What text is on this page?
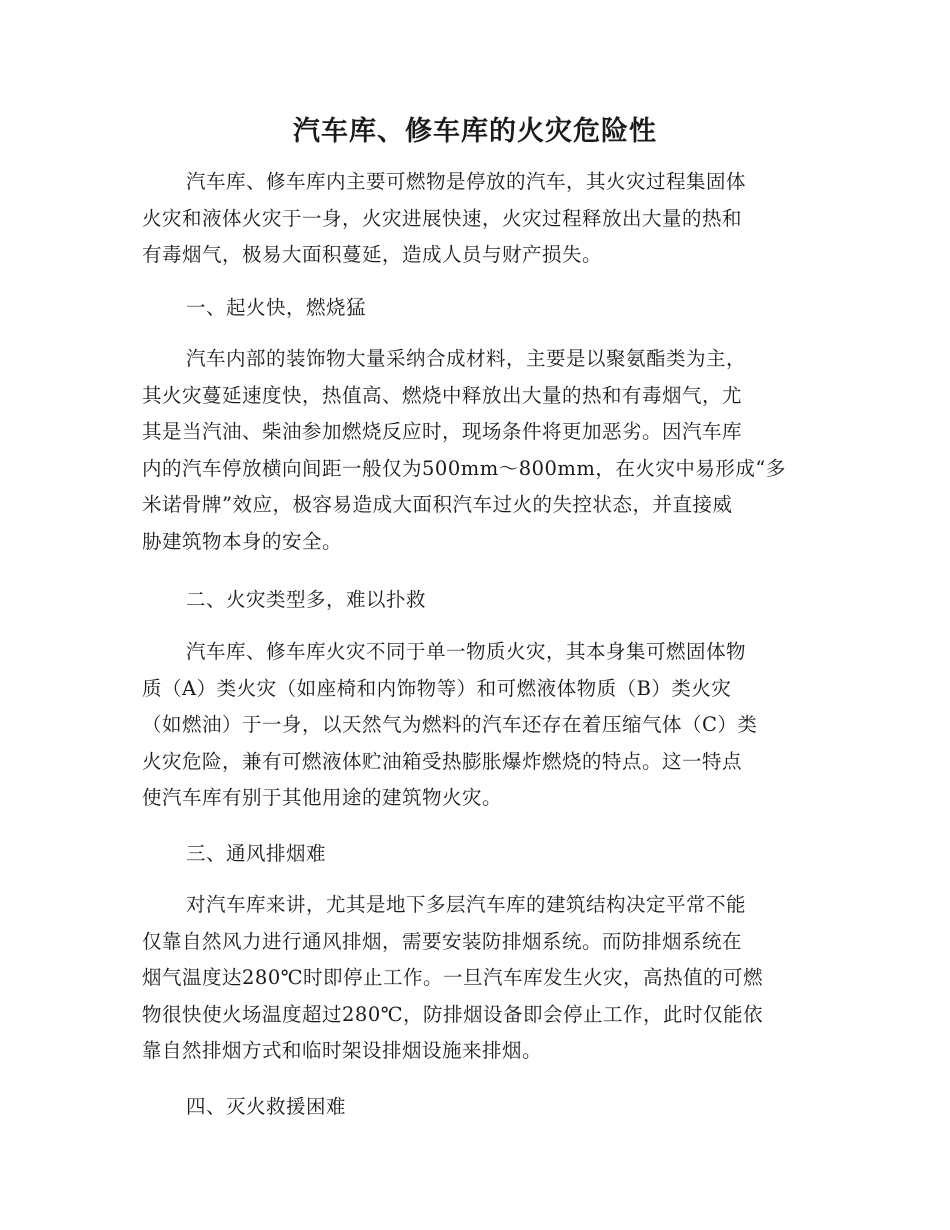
汽车库、修车库的火灾危险性
汽车库、修车库内主要可燃物是停放的汽车，其火灾过程集固体
火灾和液体火灾于一身，火灾进展快速，火灾过程释放出大量的热和
有毒烟气，极易大面积蔓延，造成人员与财产损失。
一、起火快，燃烧猛
汽车内部的装饰物大量采纳合成材料，主要是以聚氨酯类为主，
其火灾蔓延速度快，热值高、燃烧中释放出大量的热和有毒烟气，尤
其是当汽油、柴油参加燃烧反应时，现场条件将更加恶劣。因汽车库
内的汽车停放横向间距一般仅为500mm～800mm，在火灾中易形成“多
米诺骨牌”效应，极容易造成大面积汽车过火的失控状态，并直接威
胁建筑物本身的安全。
二、火灾类型多，难以扑救
汽车库、修车库火灾不同于单一物质火灾，其本身集可燃固体物
质（A）类火灾（如座椅和内饰物等）和可燃液体物质（B）类火灾
（如燃油）于一身，以天然气为燃料的汽车还存在着压缩气体（C）类
火灾危险，兼有可燃液体贮油箱受热膨胀爆炸燃烧的特点。这一特点
使汽车库有别于其他用途的建筑物火灾。
三、通风排烟难
对汽车库来讲，尤其是地下多层汽车库的建筑结构决定平常不能
仅靠自然风力进行通风排烟，需要安装防排烟系统。而防排烟系统在
烟气温度达280℃时即停止工作。一旦汽车库发生火灾，高热值的可燃
物很快使火场温度超过280℃，防排烟设备即会停止工作，此时仅能依
靠自然排烟方式和临时架设排烟设施来排烟。
四、灭火救援困难
